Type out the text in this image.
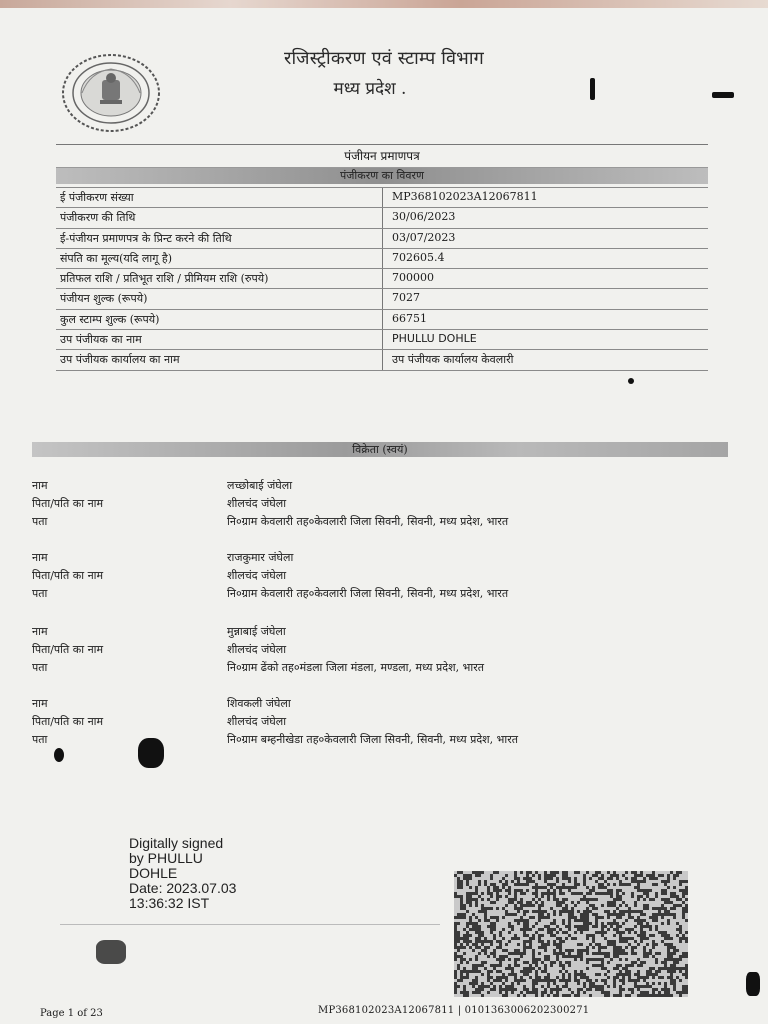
रजिस्ट्रीकरण एवं स्टाम्प विभाग
मध्य प्रदेश .
पंजीयन प्रमाणपत्र
पंजीकरण का विवरण
ई पंजीकरण संख्या	MP368102023A12067811
पंजीकरण की तिथि	30/06/2023
ई-पंजीयन प्रमाणपत्र के प्रिन्ट करने की तिथि	03/07/2023
संपति का मूल्य(यदि लागू है)	702605.4
प्रतिफल राशि / प्रतिभूत राशि / प्रीमियम राशि (रुपये)	700000
पंजीयन शुल्क (रूपये)	7027
कुल स्टाम्प शुल्क (रूपये)	66751
उप पंजीयक का नाम	PHULLU DOHLE
उप पंजीयक कार्यालय का नाम	उप पंजीयक कार्यालय केवलारी
विक्रेता (स्वयं)
नाम	लच्छोबाई जंघेला
पिता/पति का नाम	शीलचंद जंघेला
पता	नि०ग्राम केवलारी तह०केवलारी जिला सिवनी, सिवनी, मध्य प्रदेश, भारत
नाम	राजकुमार जंघेला
पिता/पति का नाम	शीलचंद जंघेला
पता	नि०ग्राम केवलारी तह०केवलारी जिला सिवनी, सिवनी, मध्य प्रदेश, भारत
नाम	मुन्नाबाई जंघेला
पिता/पति का नाम	शीलचंद जंघेला
पता	नि०ग्राम ढेंको तह०मंडला जिला मंडला, मण्डला, मध्य प्रदेश, भारत
नाम	शिवकली जंघेला
पिता/पति का नाम	शीलचंद जंघेला
पता	नि०ग्राम बम्हनीखेडा तह०केवलारी जिला सिवनी, सिवनी, मध्य प्रदेश, भारत
Digitally signed
by PHULLU
DOHLE
Date: 2023.07.03
13:36:32 IST
Page 1 of 23	MP368102023A12067811 | 0101363006202300271
